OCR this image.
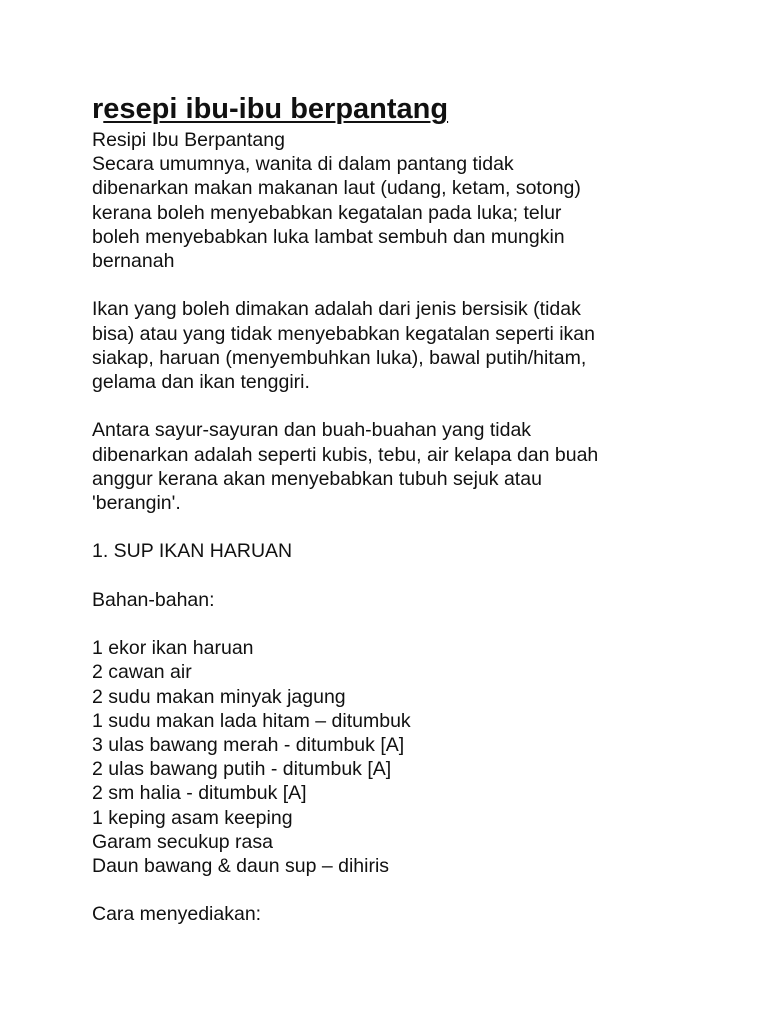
resepi ibu-ibu berpantang

Resipi Ibu Berpantang

Secara umumnya, wanita di dalam pantang tidak

dibenarkan makan makanan laut (udang, ketam, sotong)

kerana boleh menyebabkan kegatalan pada luka; telur

boleh menyebabkan luka lambat sembuh dan mungkin

bernanah

Ikan yang boleh dimakan adalah dari jenis bersisik (tidak

bisa) atau yang tidak menyebabkan kegatalan seperti ikan

siakap, haruan (menyembuhkan luka), bawal putih/hitam,

gelama dan ikan tenggiri.

Antara sayur-sayuran dan buah-buahan yang tidak

dibenarkan adalah seperti kubis, tebu, air kelapa dan buah

anggur kerana akan menyebabkan tubuh sejuk atau

'berangin'.

1. SUP IKAN HARUAN

Bahan-bahan:

1 ekor ikan haruan

2 cawan air

2 sudu makan minyak jagung

1 sudu makan lada hitam – ditumbuk

3 ulas bawang merah - ditumbuk [A]

2 ulas bawang putih - ditumbuk [A]

2 sm halia - ditumbuk [A]

1 keping asam keeping

Garam secukup rasa

Daun bawang & daun sup – dihiris

Cara menyediakan:
